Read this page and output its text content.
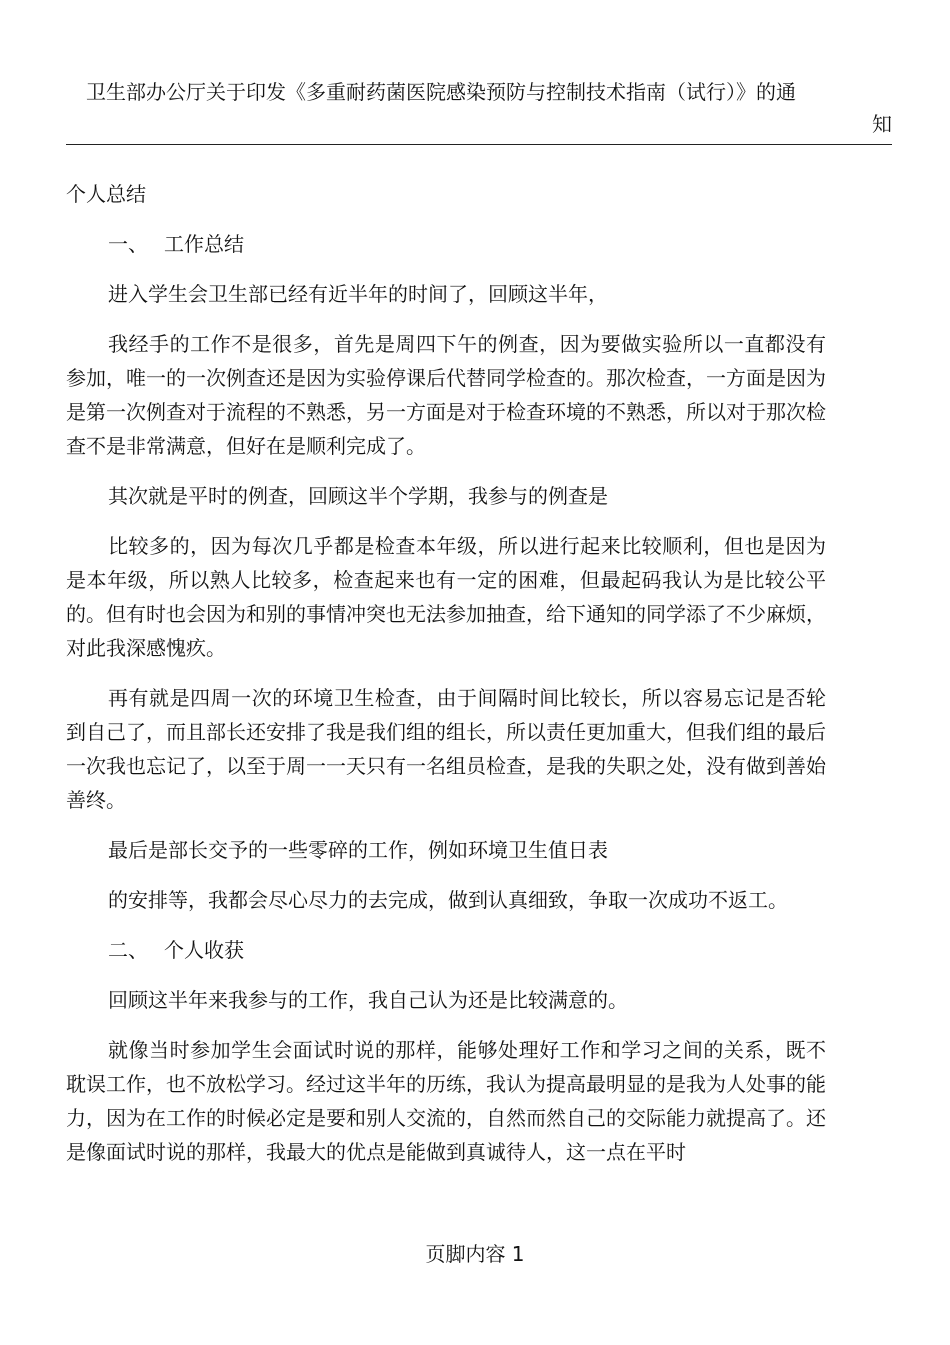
卫生部办公厅关于印发《多重耐药菌医院感染预防与控制技术指南（试行）》的通
知

个人总结

一、 工作总结

进入学生会卫生部已经有近半年的时间了，回顾这半年，

我经手的工作不是很多，首先是周四下午的例查，因为要做实验所以一直都没有参加，唯一的一次例查还是因为实验停课后代替同学检查的。那次检查，一方面是因为是第一次例查对于流程的不熟悉，另一方面是对于检查环境的不熟悉，所以对于那次检查不是非常满意，但好在是顺利完成了。

其次就是平时的例查，回顾这半个学期，我参与的例查是

比较多的，因为每次几乎都是检查本年级，所以进行起来比较顺利，但也是因为是本年级，所以熟人比较多，检查起来也有一定的困难，但最起码我认为是比较公平的。但有时也会因为和别的事情冲突也无法参加抽查，给下通知的同学添了不少麻烦，对此我深感愧疚。

再有就是四周一次的环境卫生检查，由于间隔时间比较长，所以容易忘记是否轮到自己了，而且部长还安排了我是我们组的组长，所以责任更加重大，但我们组的最后一次我也忘记了，以至于周一一天只有一名组员检查，是我的失职之处，没有做到善始善终。

最后是部长交予的一些零碎的工作，例如环境卫生值日表

的安排等，我都会尽心尽力的去完成，做到认真细致，争取一次成功不返工。

二、 个人收获

回顾这半年来我参与的工作，我自己认为还是比较满意的。

就像当时参加学生会面试时说的那样，能够处理好工作和学习之间的关系，既不耽误工作，也不放松学习。经过这半年的历练，我认为提高最明显的是我为人处事的能力，因为在工作的时候必定是要和别人交流的，自然而然自己的交际能力就提高了。还是像面试时说的那样，我最大的优点是能做到真诚待人，这一点在平时

页脚内容 1
